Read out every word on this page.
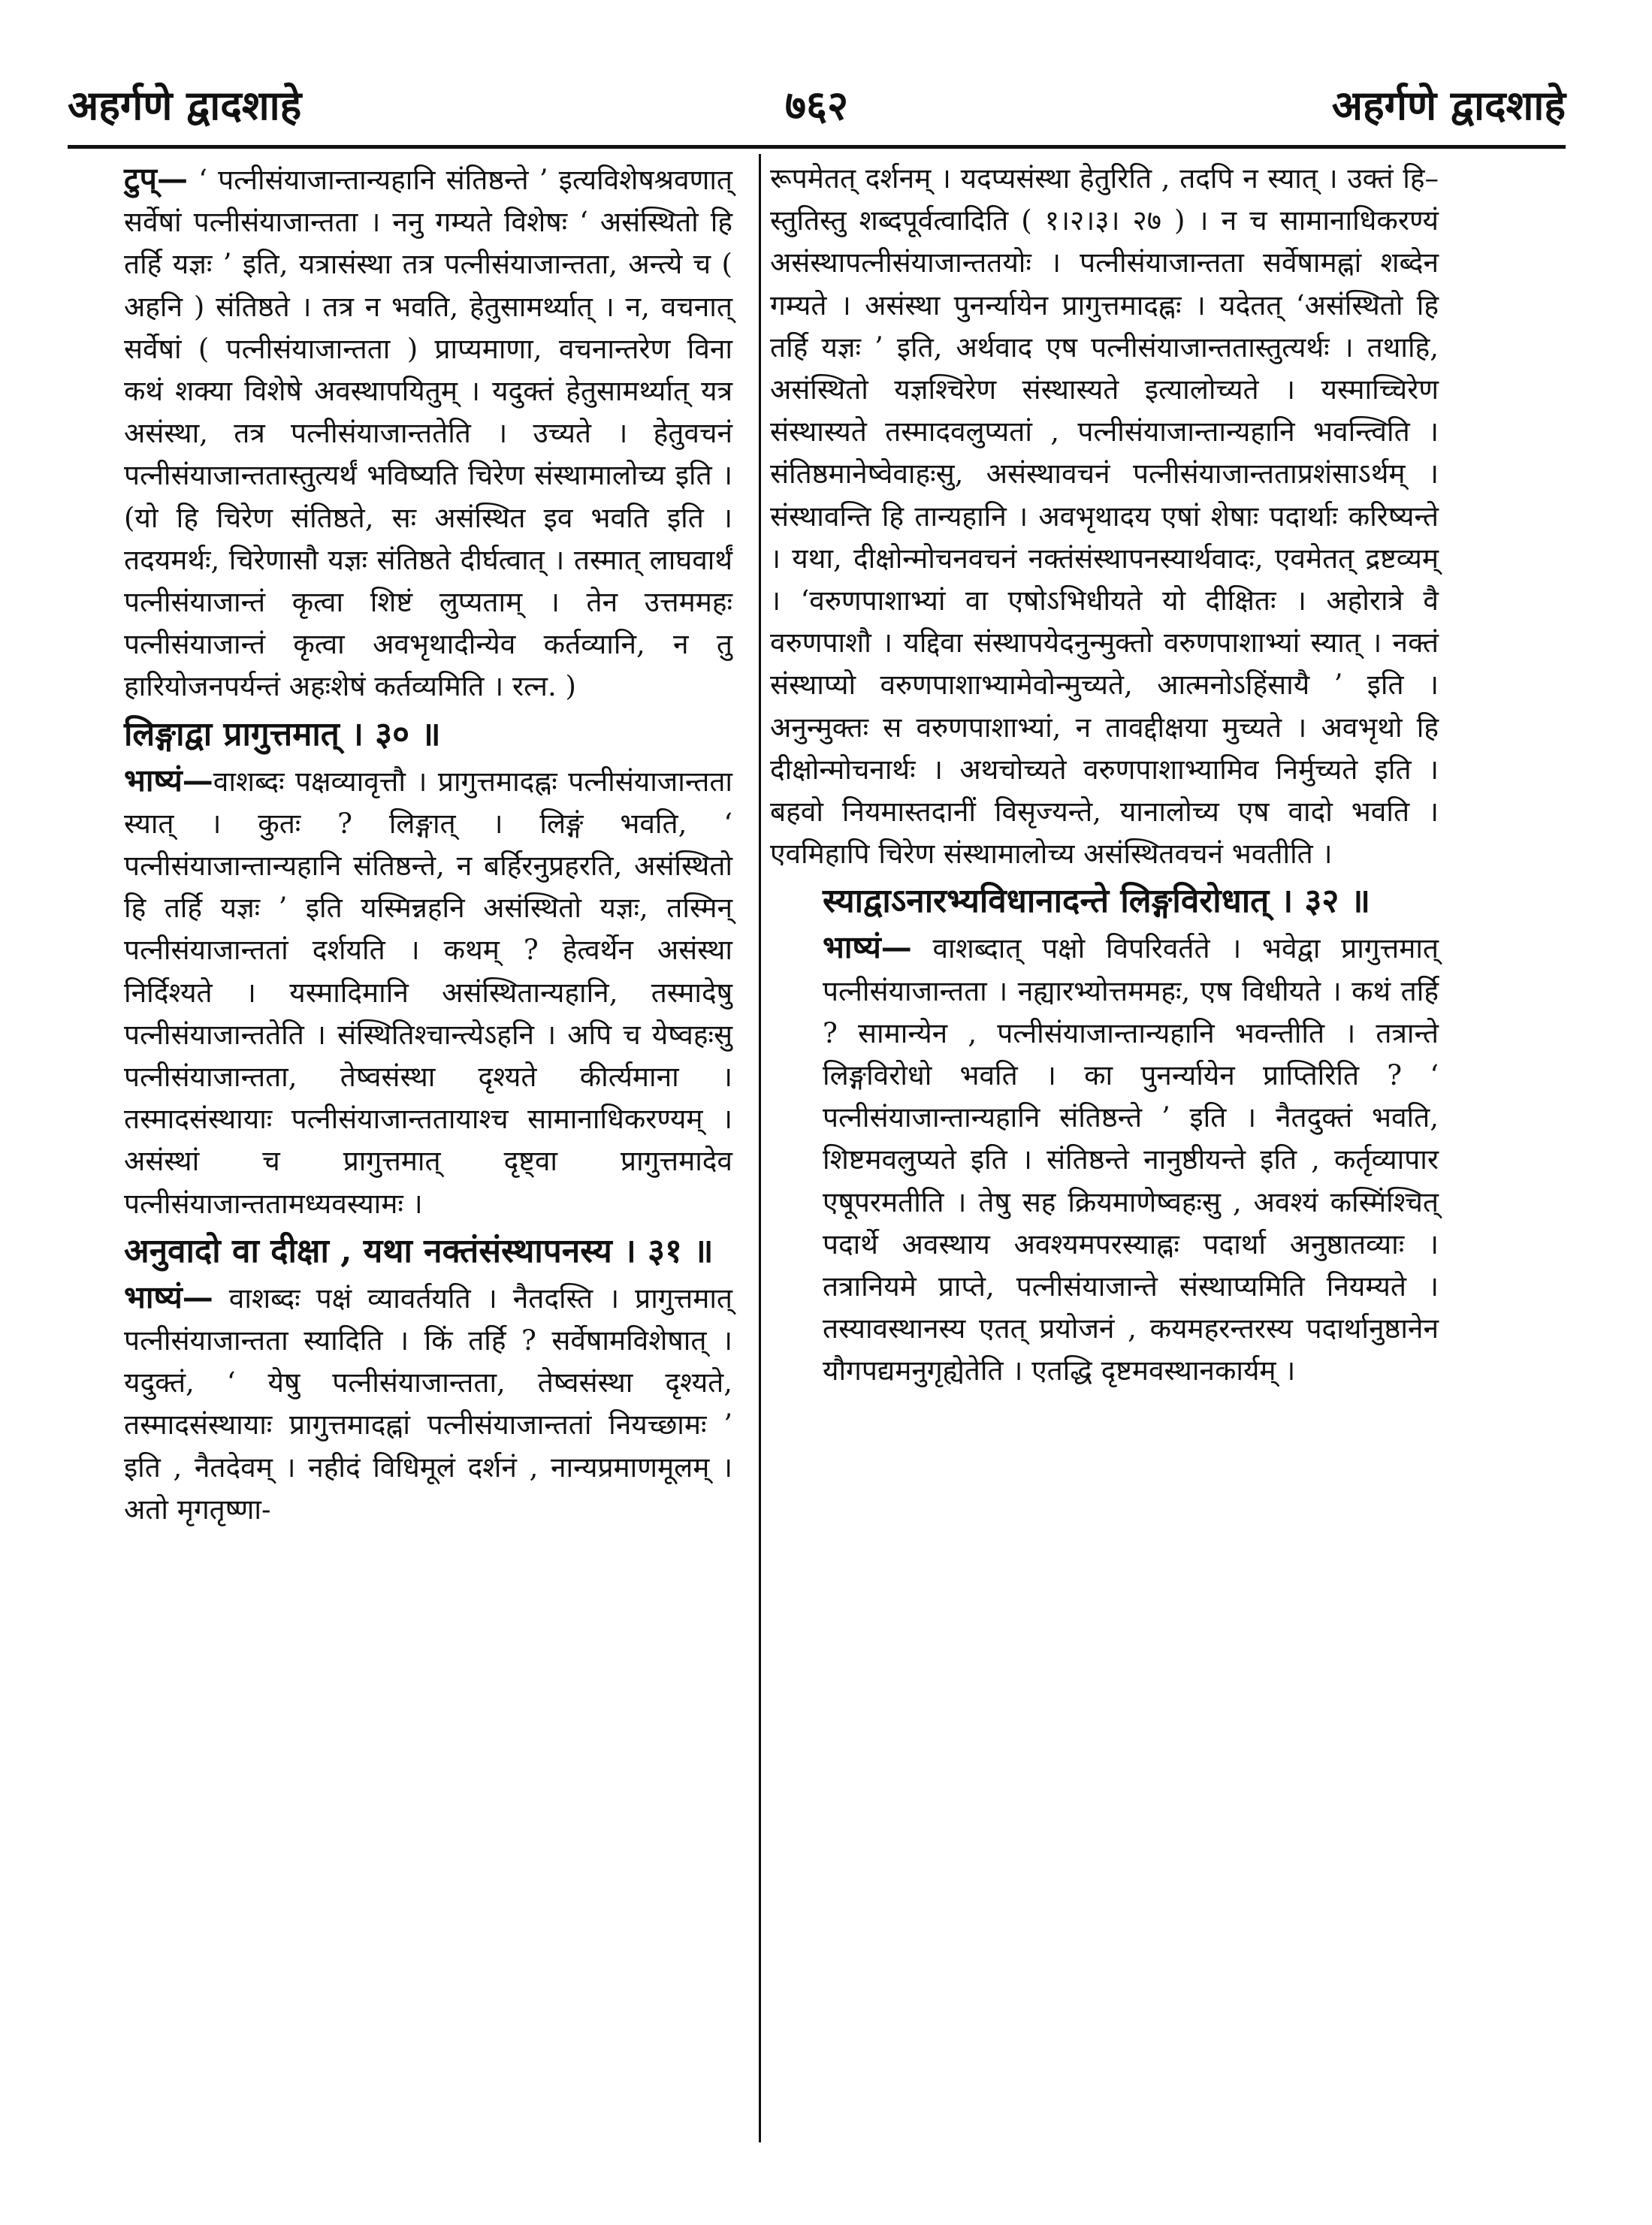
अहर्गणे द्वादशाहे	७६२	अहर्गणे द्वादशाहे

टुप्— ‘ पत्नीसंयाजान्तान्यहानि संतिष्ठन्ते ’ इत्यविशेषश्रवणात् सर्वेषां पत्नीसंयाजान्तता । ननु गम्यते विशेषः ‘ असंस्थितो हि तर्हि यज्ञः ’ इति, यत्रासंस्था तत्र पत्नीसंयाजान्तता, अन्त्ये च ( अहनि ) संतिष्ठते । तत्र न भवति, हेतुसामर्थ्यात् । न, वचनात् सर्वेषां ( पत्नीसंयाजान्तता ) प्राप्यमाणा, वचनान्तरेण विना कथं शक्या विशेषे अवस्थापयितुम् । यदुक्तं हेतुसामर्थ्यात् यत्र असंस्था, तत्र पत्नीसंयाजान्ततेति । उच्यते । हेतुवचनं पत्नीसंयाजान्ततास्तुत्यर्थं भविष्यति चिरेण संस्थामालोच्य इति । (यो हि चिरेण संतिष्ठते, सः असंस्थित इव भवति इति । तदयमर्थः, चिरेणासौ यज्ञः संतिष्ठते दीर्घत्वात् । तस्मात् लाघवार्थं पत्नीसंयाजान्तं कृत्वा शिष्टं लुप्यताम् । तेन उत्तममहः पत्नीसंयाजान्तं कृत्वा अवभृथादीन्येव कर्तव्यानि, न तु हारियोजनपर्यन्तं अहःशेषं कर्तव्यमिति । रत्न. )

लिङ्गाद्वा प्रागुत्तमात् । ३० ॥

भाष्यं—वाशब्दः पक्षव्यावृत्तौ । प्रागुत्तमादह्नः पत्नीसंयाजान्तता स्यात् । कुतः ? लिङ्गात् । लिङ्गं भवति, ‘ पत्नीसंयाजान्तान्यहानि संतिष्ठन्ते, न बर्हिरनुप्रहरति, असंस्थितो हि तर्हि यज्ञः ’ इति यस्मिन्नहनि असंस्थितो यज्ञः, तस्मिन् पत्नीसंयाजान्ततां दर्शयति । कथम् ? हेत्वर्थेन असंस्था निर्दिश्यते । यस्मादिमानि असंस्थितान्यहानि, तस्मादेषु पत्नीसंयाजान्ततेति । संस्थितिश्चान्त्येऽहनि । अपि च येष्वहःसु पत्नीसंयाजान्तता, तेष्वसंस्था दृश्यते कीर्त्यमाना । तस्मादसंस्थायाः पत्नीसंयाजान्ततायाश्च सामानाधिकरण्यम् । असंस्थां च प्रागुत्तमात् दृष्ट्वा प्रागुत्तमादेव पत्नीसंयाजान्ततामध्यवस्यामः ।

अनुवादो वा दीक्षा , यथा नक्तंसंस्थापनस्य । ३१ ॥

भाष्यं— वाशब्दः पक्षं व्यावर्तयति । नैतदस्ति । प्रागुत्तमात् पत्नीसंयाजान्तता स्यादिति । किं तर्हि ? सर्वेषामविशेषात् । यदुक्तं, ‘ येषु पत्नीसंयाजान्तता, तेष्वसंस्था दृश्यते, तस्मादसंस्थायाः प्रागुत्तमादह्नां पत्नीसंयाजान्ततां नियच्छामः ’ इति , नैतदेवम् । नहीदं विधिमूलं दर्शनं , नान्यप्रमाणमूलम् । अतो मृगतृष्णा-

रूपमेतत् दर्शनम् । यदप्यसंस्था हेतुरिति , तदपि न स्यात् । उक्तं हि–स्तुतिस्तु शब्दपूर्वत्वादिति ( १।२।३। २७ ) । न च सामानाधिकरण्यं असंस्थापत्नीसंयाजान्ततयोः । पत्नीसंयाजान्तता सर्वेषामह्नां शब्देन गम्यते । असंस्था पुनर्न्यायेन प्रागुत्तमादह्नः । यदेतत् ‘असंस्थितो हि तर्हि यज्ञः ’ इति, अर्थवाद एष पत्नीसंयाजान्ततास्तुत्यर्थः । तथाहि, असंस्थितो यज्ञश्चिरेण संस्थास्यते इत्यालोच्यते । यस्माच्चिरेण संस्थास्यते तस्मादवलुप्यतां , पत्नीसंयाजान्तान्यहानि भवन्त्विति । संतिष्ठमानेष्वेवाहःसु, असंस्थावचनं पत्नीसंयाजान्तताप्रशंसाऽर्थम् । संस्थावन्ति हि तान्यहानि । अवभृथादय एषां शेषाः पदार्थाः करिष्यन्ते । यथा, दीक्षोन्मोचनवचनं नक्तंसंस्थापनस्यार्थवादः, एवमेतत् द्रष्टव्यम् । ‘वरुणपाशाभ्यां वा एषोऽभिधीयते यो दीक्षितः । अहोरात्रे वै वरुणपाशौ । यद्दिवा संस्थापयेदनुन्मुक्तो वरुणपाशाभ्यां स्यात् । नक्तं संस्थाप्यो वरुणपाशाभ्यामेवोन्मुच्यते, आत्मनोऽहिंसायै ’ इति । अनुन्मुक्तः स वरुणपाशाभ्यां, न तावद्दीक्षया मुच्यते । अवभृथो हि दीक्षोन्मोचनार्थः । अथचोच्यते वरुणपाशाभ्यामिव निर्मुच्यते इति । बहवो नियमास्तदानीं विसृज्यन्ते, यानालोच्य एष वादो भवति । एवमिहापि चिरेण संस्थामालोच्य असंस्थितवचनं भवतीति ।

स्याद्वाऽनारभ्यविधानादन्ते लिङ्गविरोधात् । ३२ ॥

भाष्यं— वाशब्दात् पक्षो विपरिवर्तते । भवेद्वा प्रागुत्तमात् पत्नीसंयाजान्तता । नह्यारभ्योत्तममहः, एष विधीयते । कथं तर्हि ? सामान्येन , पत्नीसंयाजान्तान्यहानि भवन्तीति । तत्रान्ते लिङ्गविरोधो भवति । का पुनर्न्यायेन प्राप्तिरिति ? ‘ पत्नीसंयाजान्तान्यहानि संतिष्ठन्ते ’ इति । नैतदुक्तं भवति, शिष्टमवलुप्यते इति । संतिष्ठन्ते नानुष्ठीयन्ते इति , कर्तृव्यापार एषूपरमतीति । तेषु सह क्रियमाणेष्वहःसु , अवश्यं कस्मिंश्चित् पदार्थे अवस्थाय अवश्यमपरस्याह्नः पदार्था अनुष्ठातव्याः । तत्रानियमे प्राप्ते, पत्नीसंयाजान्ते संस्थाप्यमिति नियम्यते । तस्यावस्थानस्य एतत् प्रयोजनं , कयमहरन्तरस्य पदार्थानुष्ठानेन यौगपद्यमनुगृह्येतेति । एतद्धि दृष्टमवस्थानकार्यम् ।
